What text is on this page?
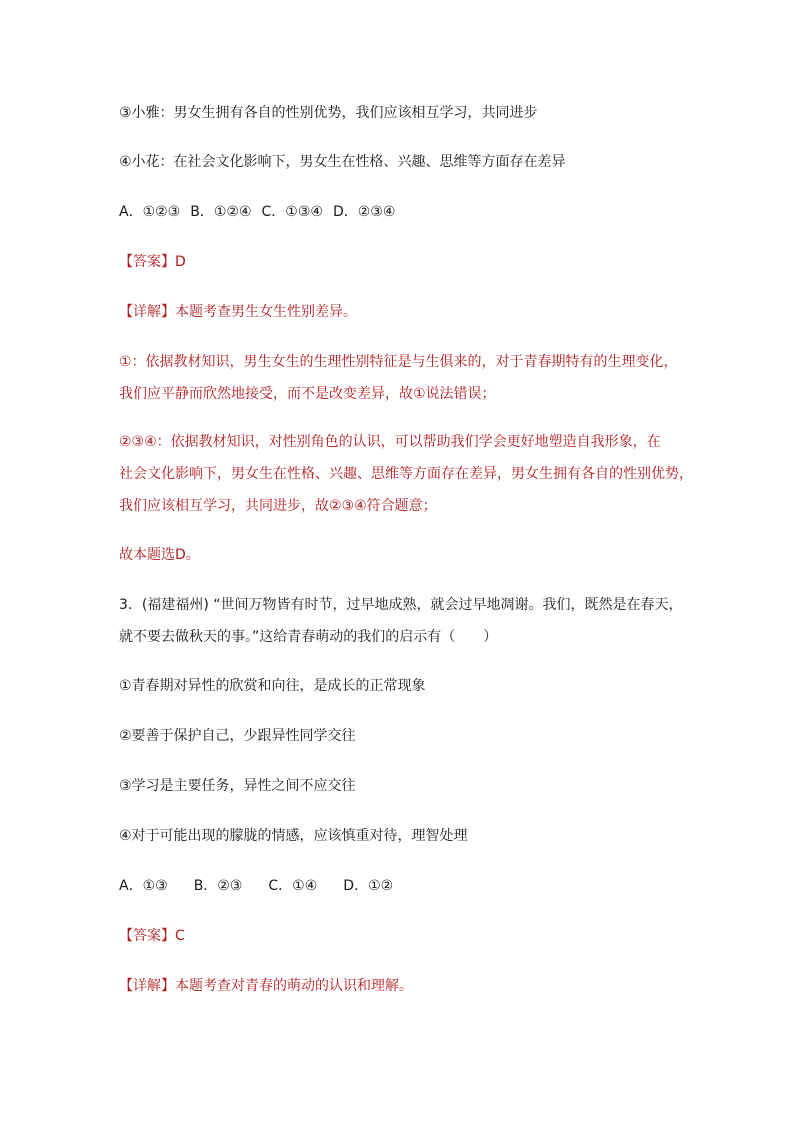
③小雅：男女生拥有各自的性别优势，我们应该相互学习，共同进步
④小花：在社会文化影响下，男女生在性格、兴趣、思维等方面存在差异
A．①②③ B．①②④ C．①③④ D．②③④
【答案】D
【详解】本题考查男生女生性别差异。
①：依据教材知识，男生女生的生理性别特征是与生俱来的，对于青春期特有的生理变化，
我们应平静而欣然地接受，而不是改变差异，故①说法错误；
②③④：依据教材知识，对性别角色的认识，可以帮助我们学会更好地塑造自我形象，在
社会文化影响下，男女生在性格、兴趣、思维等方面存在差异，男女生拥有各自的性别优势，
我们应该相互学习，共同进步，故②③④符合题意；
故本题选D。
3．(福建福州) “世间万物皆有时节，过早地成熟，就会过早地凋谢。我们，既然是在春天，
就不要去做秋天的事。”这给青春萌动的我们的启示有（　　）
①青春期对异性的欣赏和向往，是成长的正常现象
②要善于保护自己，少跟异性同学交往
③学习是主要任务，异性之间不应交往
④对于可能出现的朦胧的情感，应该慎重对待，理智处理
A．①③ B．②③ C．①④ D．①②
【答案】C
【详解】本题考查对青春的萌动的认识和理解。
